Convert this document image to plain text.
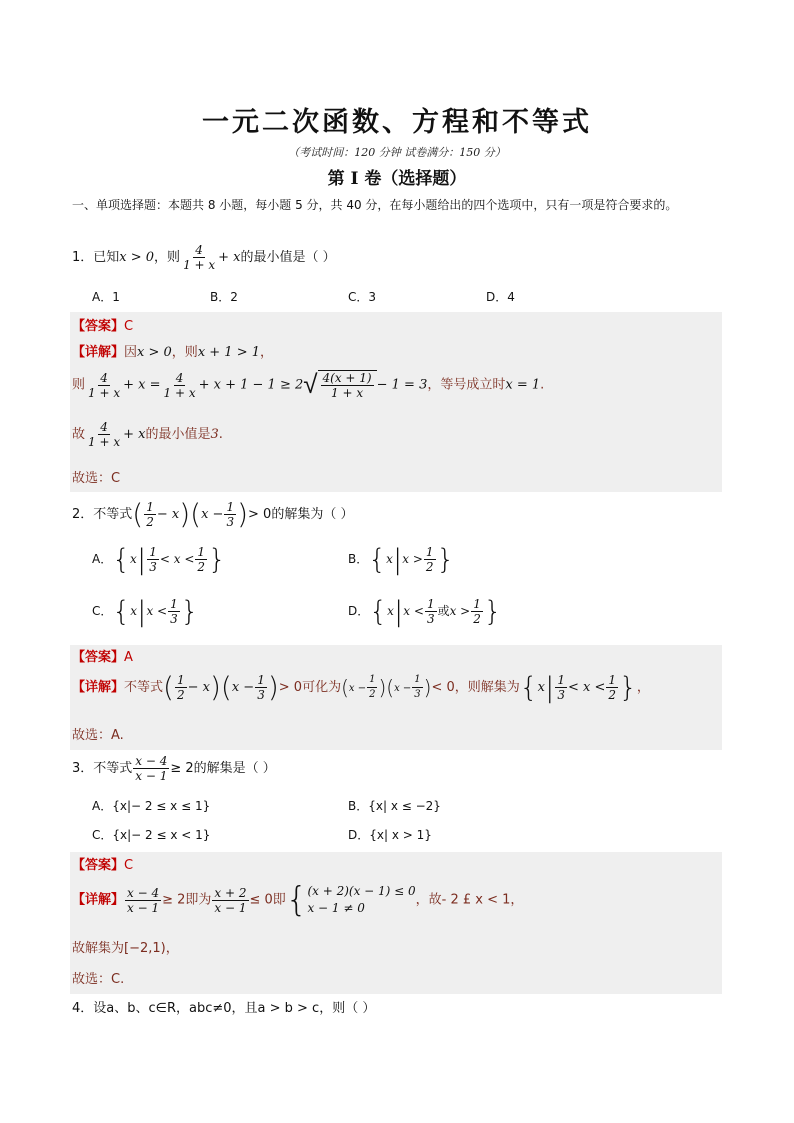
一元二次函数、方程和不等式
（考试时间：120 分钟 试卷满分：150 分）
第 I 卷（选择题）
一、单项选择题：本题共 8 小题，每小题 5 分，共 40 分，在每小题给出的四个选项中，只有一项是符合要求的。
1．已知x > 0，则 $\frac{4}{1 + x} + x$的最小值是（ ）
A．1	B．2	C．3	D．4
【答案】C
【详解】因x > 0，则x + 1 > 1，
则 $\frac{4}{1 + x} + x = \frac{4}{1 + x} + x + 1 - 1 \ge 2$ √ $\frac{4(x + 1)}{1 + x} - 1 = 3$，等号成立时x = 1.
故 $\frac{4}{1 + x} + x$的最小值是3.
故选：C
2．不等式( $\frac{1}{2} - x)(x - \frac{1}{3}$ )> 0的解集为（ ）
A．{$x| \frac{1}{3} < x < \frac{1}{2}$ }	B．{$x|x > \frac{1}{2}$ }
C．{$x|x < \frac{1}{3}$ }	D．{$x|x < \frac{1}{3}$ 或$x > \frac{1}{2}$ }
【答案】A
【详解】不等式( $\frac{1}{2} - x)(x - \frac{1}{3}$ )> 0可化为$(x - \frac{1}{2} )(x - \frac{1}{3}$ )< 0，则解集为{$x| \frac{1}{3} < x < \frac{1}{2}$ }，
故选：A.
3．不等式 $\frac{x - 4}{x - 1} \ge 2$的解集是（ ）
A．{x|− 2 ≤ x ≤ 1}	B．{x| x ≤ −2}
C．{x|− 2 ≤ x < 1}	D．{x| x > 1}
【答案】C
【详解】 $\frac{x - 4}{x - 1} \ge 2$即为 $\frac{x + 2}{x - 1} \le 0$即 { (x + 2)(x − 1) ≤ 0
x − 1 ≠ 0
，故- 2 £ x < 1，
故解集为[−2,1)，
故选：C.
4．设a、b、c∈R，abc≠0，且a > b > c，则（ ）
